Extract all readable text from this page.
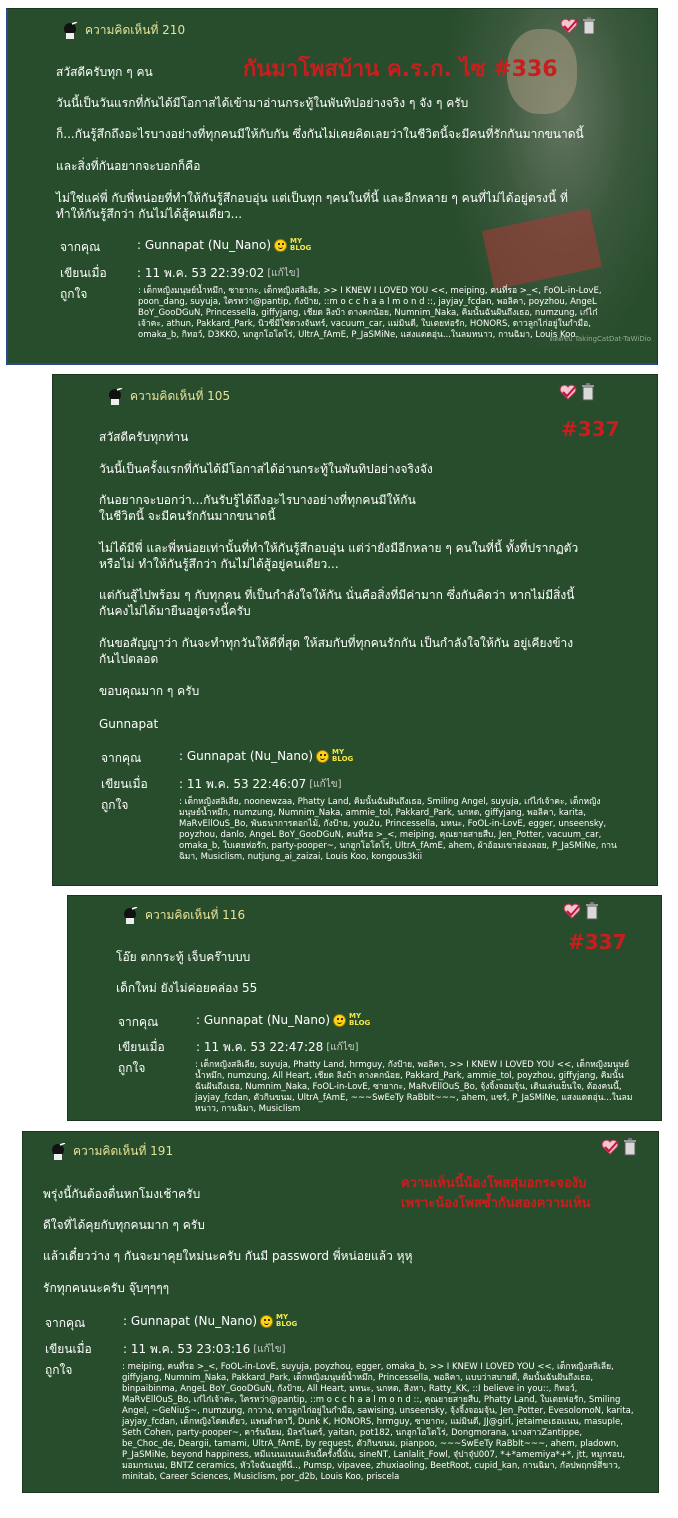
ดดดข่บ TakingCatDat-TaWiDio
ความคิดเห็นที่ 210
กันมาโพสบ้าน ค.ร.ก. ไซ #336
สวัสดีครับทุก ๆ คน
วันนี้เป็นวันแรกที่กันได้มีโอกาสได้เข้ามาอ่านกระทู้ในพันทิปอย่างจริง ๆ จัง ๆ ครับ
ก็...กันรู้สึกถึงอะไรบางอย่างที่ทุกคนมีให้กับกัน ซึ่งกันไม่เคยคิดเลยว่าในชีวิตนี้จะมีคนที่รักกันมากขนาดนี้
และสิ่งที่กันอยากจะบอกก็คือ
ไม่ใช่แค่พี่ กับพี่หน่อยที่ทำให้กันรู้สึกอบอุ่น แต่เป็นทุก ๆคนในที่นี้ และอีกหลาย ๆ คนที่ไม่ได้อยู่ตรงนี้ ที่
ทำให้กันรู้สึกว่า กันไม่ได้สู้คนเดียว...
จากคุณ	: Gunnapat (Nu_Nano)	MY
BLOG
เขียนเมื่อ	: 11 พ.ค. 53 22:39:02 [แก้ไข]
ถูกใจ	: เด็กหญิงมนุษย์น้ำหมึก, ซายากะ, เด็กหญิงสลิเลีย, >> I KNEW I LOVED YOU <<, meiping, คนที่รอ >_<, FoOL-in-LovE, poon_dang, suyuja, ใครหว่า@pantip, กังป้าย, ::m o c c h a a l m o n d ::, jayjay_fcdan, พอลิคา, poyzhou, AngeL BoY_GooDGuN, Princessella, giffyjang, เชียด ลิงบ้า ดางคกน้อย, Numnim_Naka, คิมนั้นฉันฝันถึงเธอ, numzung, เก๋ไก๋เจ้าคะ, athun, Pakkard_Park, นิวซี่มีใช่ดวงจันทร์, vacuum_car, แม่มินดี, ใบเตยห่อรัก, HONORS, ดาวลูกไก่อยู่ในกำมือ, omaka_b, กิทอว์, D3KKO, นกฮูกโอโดโร่, UltrA_fAmE, P_JaSMiNe, แสงแดดอุ่น...ในลมหนาว, กานฉิมา, Louis Koo
ความคิดเห็นที่ 105
#337
สวัสดีครับทุกท่าน
วันนี้เป็นครั้งแรกที่กันได้มีโอกาสได้อ่านกระทู้ในพันทิปอย่างจริงจัง
กันอยากจะบอกว่า...กันรับรู้ได้ถึงอะไรบางอย่างที่ทุกคนมีให้กัน
ในชีวิตนี้ จะมีคนรักกันมากขนาดนี้
ไม่ได้มีพี่ และพี่หน่อยเท่านั้นที่ทำให้กันรู้สึกอบอุ่น แต่ว่ายังมีอีกหลาย ๆ คนในที่นี้ ทั้งที่ปรากฏตัว
หรือไม่ ทำให้กันรู้สึกว่า กันไม่ได้สู้อยู่คนเดียว...
แต่กันสู้ไปพร้อม ๆ กับทุกคน ที่เป็นกำลังใจให้กัน นั่นคือสิ่งที่มีค่ามาก ซึ่งกันคิดว่า หากไม่มีสิ่งนี้
กันคงไม่ได้มายืนอยู่ตรงนี้ครับ
กันขอสัญญาว่า กันจะทำทุกวันให้ดีที่สุด ให้สมกับที่ทุกคนรักกัน เป็นกำลังใจให้กัน อยู่เคียงข้าง
กันไปตลอด
ขอบคุณมาก ๆ ครับ
Gunnapat
จากคุณ	: Gunnapat (Nu_Nano)	MY
BLOG
เขียนเมื่อ	: 11 พ.ค. 53 22:46:07 [แก้ไข]
ถูกใจ	: เด็กหญิงสลิเลีย, noonewzaa, Phatty Land, คิมนั้นฉันฝันถึงเธอ, Smiling Angel, suyuja, เก๋ไก๋เจ้าคะ, เด็กหญิงมนุษย์น้ำหมึก, numzung, Numnim_Naka, ammie_tol, Pakkard_Park, นกหด, giffyjang, พอลิคา, karita, MaRvEllOuS_Bo, พันธนาการดอกไม้, กังป้าย, you2u, Princessella, มหนะ, FoOL-in-LovE, egger, unseensky, poyzhou, danlo, AngeL BoY_GooDGuN, คนที่รอ >_<, meiping, คุณยายสายสืบ, Jen_Potter, vacuum_car, omaka_b, ใบเตยห่อรัก, party-pooper~, นกฮูกโอโดโร่, UltrA_fAmE, ahem, ผ้าอ้อมเขาล่องลอย, P_JaSMiNe, กานฉิมา, Musiclism, nutjung_ai_zaizai, Louis Koo, kongous3kii
ความคิดเห็นที่ 116
#337
โอ๊ย ตกกระทู้ เจ็บคร๊าบบบ
เด็กใหม่ ยังไม่ค่อยคล่อง 55
จากคุณ	: Gunnapat (Nu_Nano)	MY
BLOG
เขียนเมื่อ	: 11 พ.ค. 53 22:47:28 [แก้ไข]
ถูกใจ	: เด็กหญิงสลิเลีย, suyuja, Phatty Land, hrmguy, กังป้าย, พอลิคา, >> I KNEW I LOVED YOU <<, เด็กหญิงมนุษย์น้ำหมึก, numzung, All Heart, เชียด ลิงบ้า ดางคกน้อย, Pakkard_Park, ammie_tol, poyzhou, giffyjang, คิมนั้นฉันฝันถึงเธอ, Numnim_Naka, FoOL-in-LovE, ซายากะ, MaRvEllOuS_Bo, จุ้งจิ้งจอมจุ้น, เดินเล่นเย็นใจ, ต้องคนนี้, jayjay_fcdan, ตัวกินขนม, UltrA_fAmE, ~~~SwEeTy RaBbIt~~~, ahem, แซร์, P_JaSMiNe, แสงแดดอุ่น...ในลมหนาว, กานฉิมา, Musiclism
ความคิดเห็นที่ 191
ความเห็นนี้น้องโพสสุ่มอกระจองับ
เพราะน้องโพสซ้ำกันสองความเห็น
พรุ่งนี้กันต้องตื่นหกโมงเช้าครับ
ดีใจที่ได้คุยกับทุกคนมาก ๆ ครับ
แล้วเดี๋ยวว่าง ๆ กันจะมาคุยใหม่นะครับ กันมี password พี่หน่อยแล้ว หุหุ
รักทุกคนนะครับ จุ๊บๆๆๆๆ
จากคุณ	: Gunnapat (Nu_Nano)	MY
BLOG
เขียนเมื่อ	: 11 พ.ค. 53 23:03:16 [แก้ไข]
ถูกใจ	: meiping, คนที่รอ >_<, FoOL-in-LovE, suyuja, poyzhou, egger, omaka_b, >> I KNEW I LOVED YOU <<, เด็กหญิงสลิเลีย, giffyjang, Numnim_Naka, Pakkard_Park, เด็กหญิงมนุษย์น้ำหมึก, Princessella, พอลิคา, แบบว่าสบายดี, คิมนั้นฉันฝันถึงเธอ, binpaibinma, AngeL BoY_GooDGuN, กังป้าย, All Heart, มหนะ, นกหด, สิงหา, Ratty_KK, ::I believe in you::, กิทอว์, MaRvEllOuS_Bo, เก๋ไก๋เจ้าคะ, ใครหว่า@pantip, ::m o c c h a a l m o n d ::, คุณยายสายสืบ, Phatty Land, ใบเตยห่อรัก, Smiling Angel, ~GeNiuS~, numzung, กาวาง, ดาวลูกไก่อยู่ในกำมือ, sawising, unseensky, จุ้งจิ้งจอมจุ้น, Jen_Potter, EvesolomoN, karita, jayjay_fcdan, เด็กหญิงโดดเดี่ยว, แพนด้าดาวี, Dunk K, HONORS, hrmguy, ซายากะ, แม่มินดี, JJ@girl, jetaimeเธอแนน, masuple, Seth Cohen, party-pooper~, คาร์นนิยม, มิลรไนตร์, yaitan, pot182, นกฮูกโอโดโร่, Dongmorana, นางสาวZantippe, be_Choc_de, Deargii, tamami, UltrA_fAmE, by request, ตัวกินขนม, pianpoo, ~~~SwEeTy RaBbIt~~~, ahem, pladown, P_JaSMiNe, beyond happiness, หมีแนนแนนแล้นนี้ครั้งนี้นั่น, sineNT, Lanlalit_Fowl, จุ๋ปาจุ๋ป007, *+*amemiya*+*, jtt, หมูกรอบ, มอมกรแนม, BNTZ ceramics, หัวใจฉันอยู่ที่นี่.., Pumsp, vipavee, zhuxiaoling, BeetRoot, cupid_kan, กานฉิมา, กัลปพฤกษ์สีขาว, minitab, Career Sciences, Musiclism, por_d2b, Louis Koo, priscela
